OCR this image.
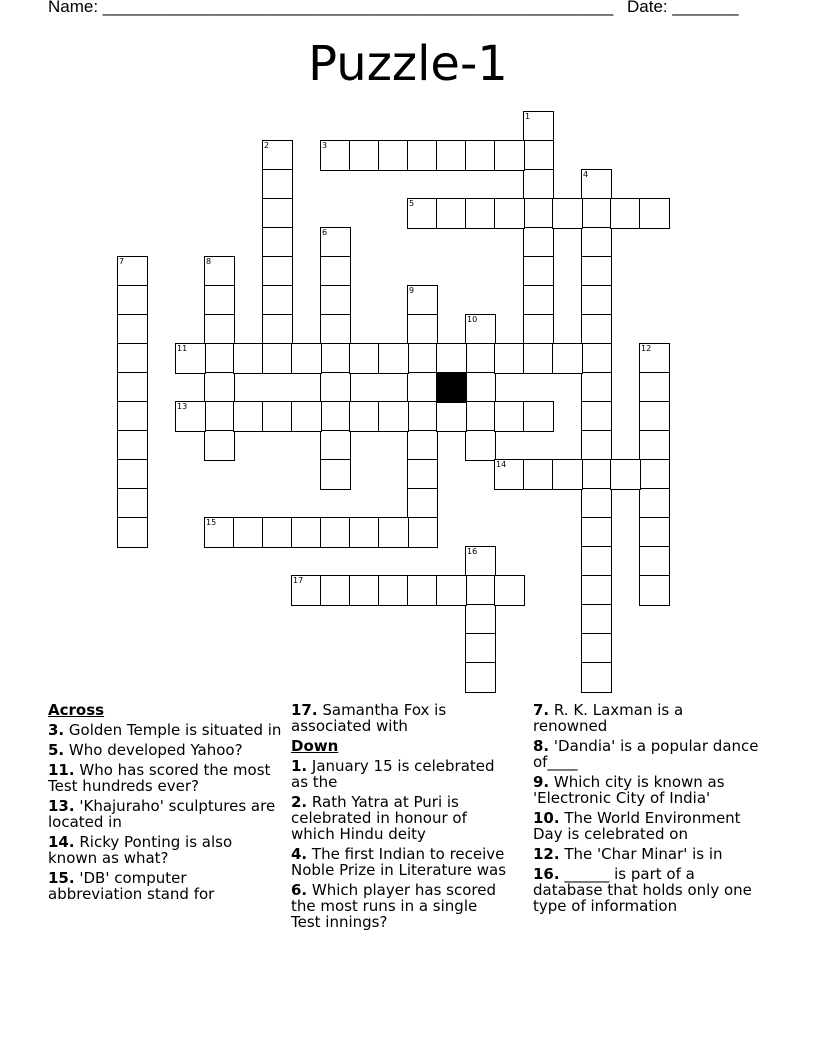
Name: ______________________________________________________ Date: _______
Puzzle-1
1
2	3
4
5
6
7	8
9
10
11	12
13
14
15
16
17
Across
3. Golden Temple is situated in
5. Who developed Yahoo?
11. Who has scored the most Test hundreds ever?
13. 'Khajuraho' sculptures are located in
14. Ricky Ponting is also known as what?
15. 'DB' computer abbreviation stand for
17. Samantha Fox is associated with
Down
1. January 15 is celebrated as the
2. Rath Yatra at Puri is celebrated in honour of which Hindu deity
4. The first Indian to receive Noble Prize in Literature was
6. Which player has scored the most runs in a single Test innings?
7. R. K. Laxman is a renowned
8. 'Dandia' is a popular dance of____
9. Which city is known as 'Electronic City of India'
10. The World Environment Day is celebrated on
12. The 'Char Minar' is in
16. ______ is part of a database that holds only one type of information
